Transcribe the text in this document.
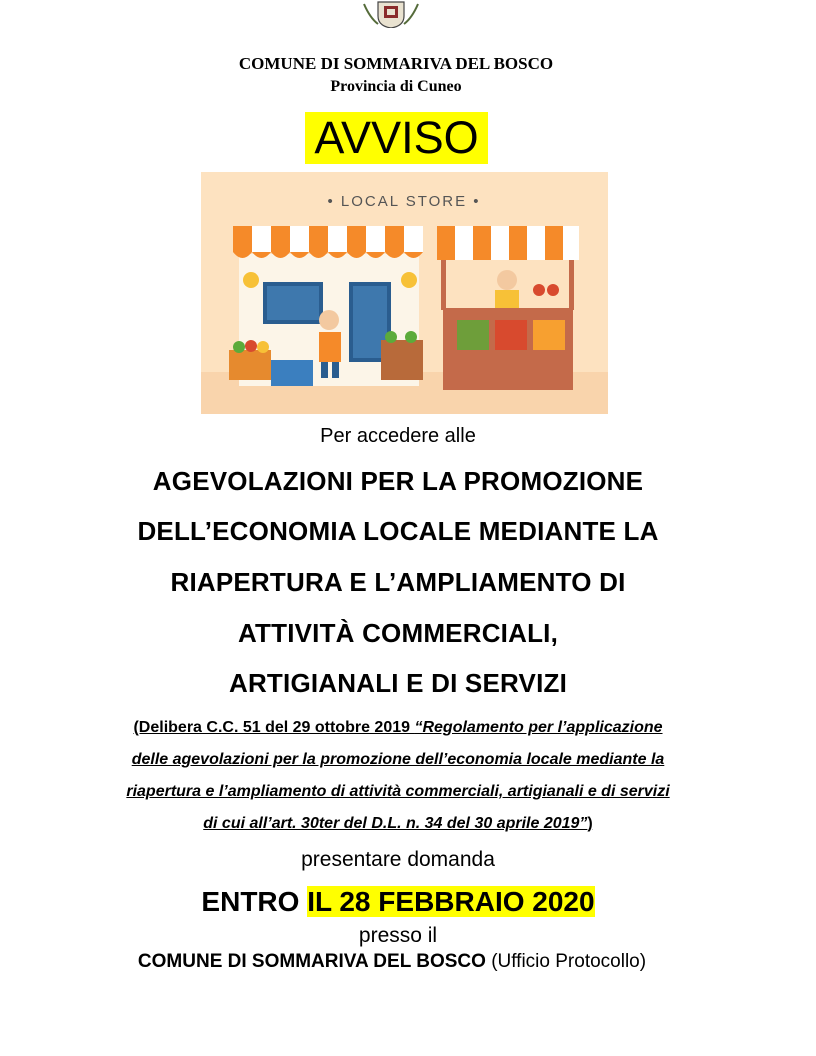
COMUNE DI SOMMARIVA DEL BOSCO
Provincia di Cuneo
AVVISO
• LOCAL STORE •
Per accedere alle
AGEVOLAZIONI PER LA PROMOZIONE
DELL’ECONOMIA LOCALE MEDIANTE LA
RIAPERTURA E L’AMPLIAMENTO DI
ATTIVITÀ COMMERCIALI,
ARTIGIANALI E DI SERVIZI
(Delibera C.C. 51 del 29 ottobre 2019 “Regolamento per l’applicazione
delle agevolazioni per la promozione dell’economia locale mediante la
riapertura e l’ampliamento di attività commerciali, artigianali e di servizi
di cui all’art. 30ter del D.L. n. 34 del 30 aprile 2019”)
presentare domanda
ENTRO IL 28 FEBBRAIO 2020
presso il
COMUNE DI SOMMARIVA DEL BOSCO (Ufficio Protocollo)
